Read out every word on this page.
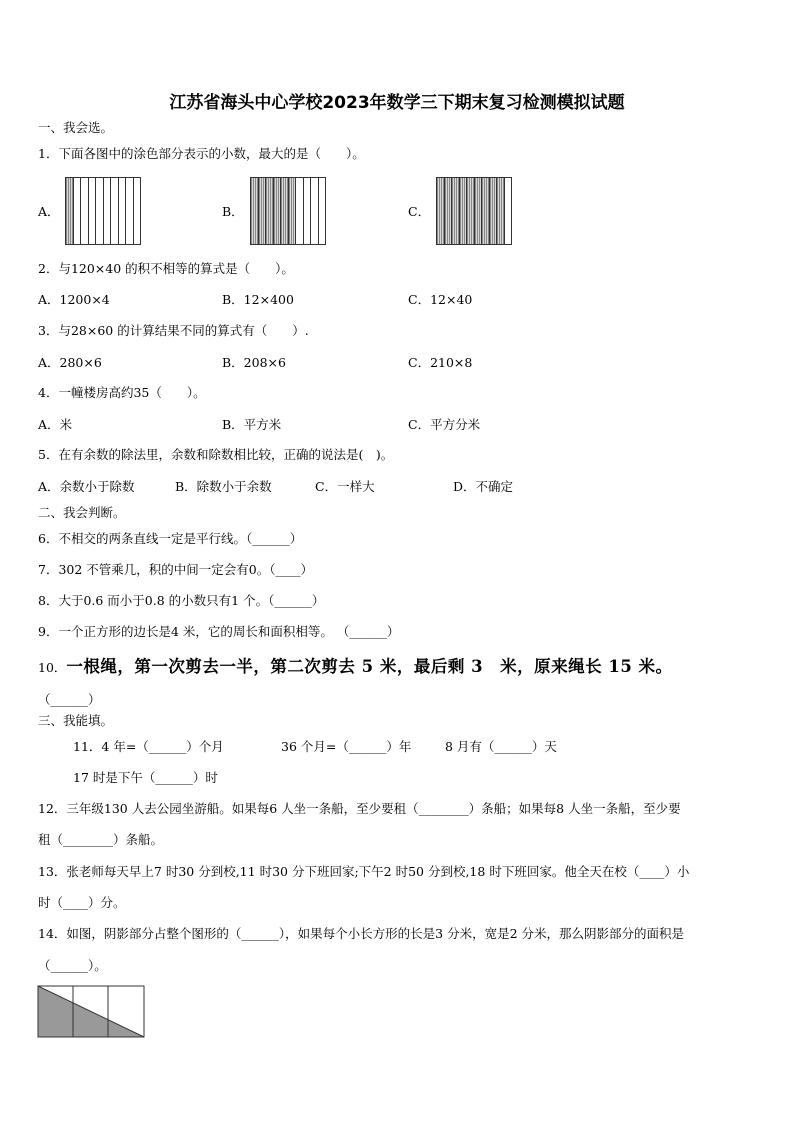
江苏省海头中心学校2023年数学三下期末复习检测模拟试题
一、我会选。
1．下面各图中的涂色部分表示的小数，最大的是（　　）。
A．	B．	C．
2．与120×40 的积不相等的算式是（　　）。
A．1200×4	B．12×400	C．12×40
3．与28×60 的计算结果不同的算式有（　　）.
A．280×6	B．208×6	C．210×8
4．一幢楼房高约35（　　）。
A．米	B．平方米	C．平方分米
5．在有余数的除法里，余数和除数相比较，正确的说法是(　)。
A．余数小于除数	B．除数小于余数	C．一样大	D．不确定
二、我会判断。
6．不相交的两条直线一定是平行线。（______）
7．302 不管乘几，积的中间一定会有0。（____）
8．大于0.6 而小于0.8 的小数只有1 个。（______）
9．一个正方形的边长是4 米，它的周长和面积相等。 （______）
10．一根绳，第一次剪去一半，第二次剪去 5 米，最后剩 3　米，原来绳长 15 米。
（______）
三、我能填。
11．4 年=（______）个月	36 个月=（______）年	8 月有（______）天
17 时是下午（______）时
12．三年级130 人去公园坐游船。如果每6 人坐一条船，至少要租（________）条船；如果每8 人坐一条船，至少要
租（________）条船。
13．张老师每天早上7 时30 分到校,11 时30 分下班回家;下午2 时50 分到校,18 时下班回家。他全天在校（____）小
时（____）分。
14．如图，阴影部分占整个图形的（______），如果每个小长方形的长是3 分米，宽是2 分米，那么阴影部分的面积是
（______）。
